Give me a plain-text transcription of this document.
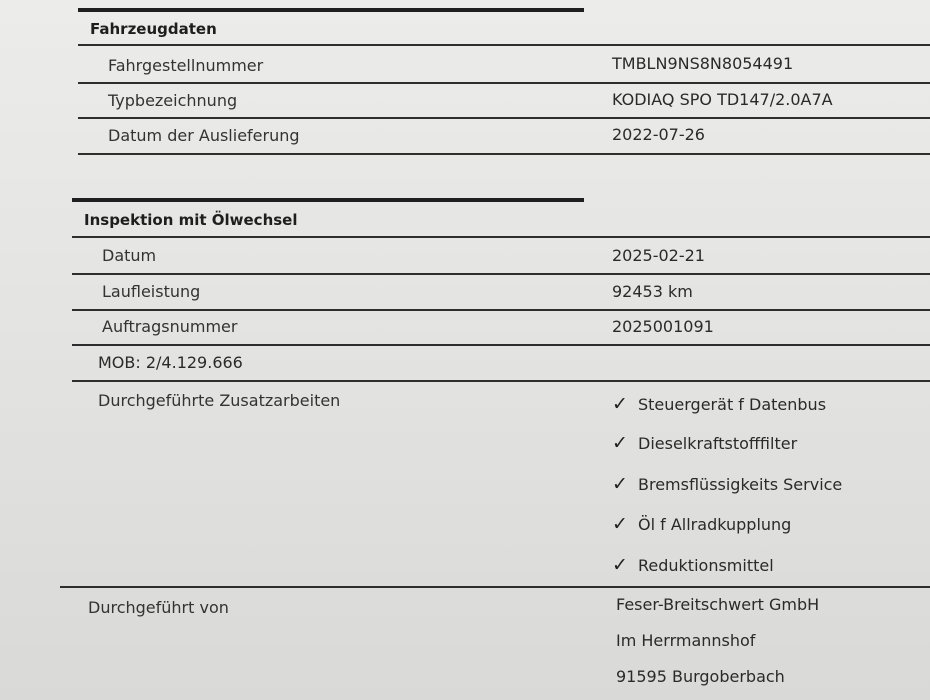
Fahrzeugdaten
Fahrgestellnummer	TMBLN9NS8N8054491
Typbezeichnung	KODIAQ SPO TD147/2.0A7A
Datum der Auslieferung	2022-07-26
Inspektion mit Ölwechsel
Datum	2025-02-21
Laufleistung	92453 km
Auftragsnummer	2025001091
MOB: 2/4.129.666
Durchgeführte Zusatzarbeiten	✓ Steuergerät f Datenbus
✓ Dieselkraftstofffilter
✓ Bremsflüssigkeits Service
✓ Öl f Allradkupplung
✓ Reduktionsmittel
Durchgeführt von	Feser-Breitschwert GmbH
Im Herrmannshof
91595 Burgoberbach
